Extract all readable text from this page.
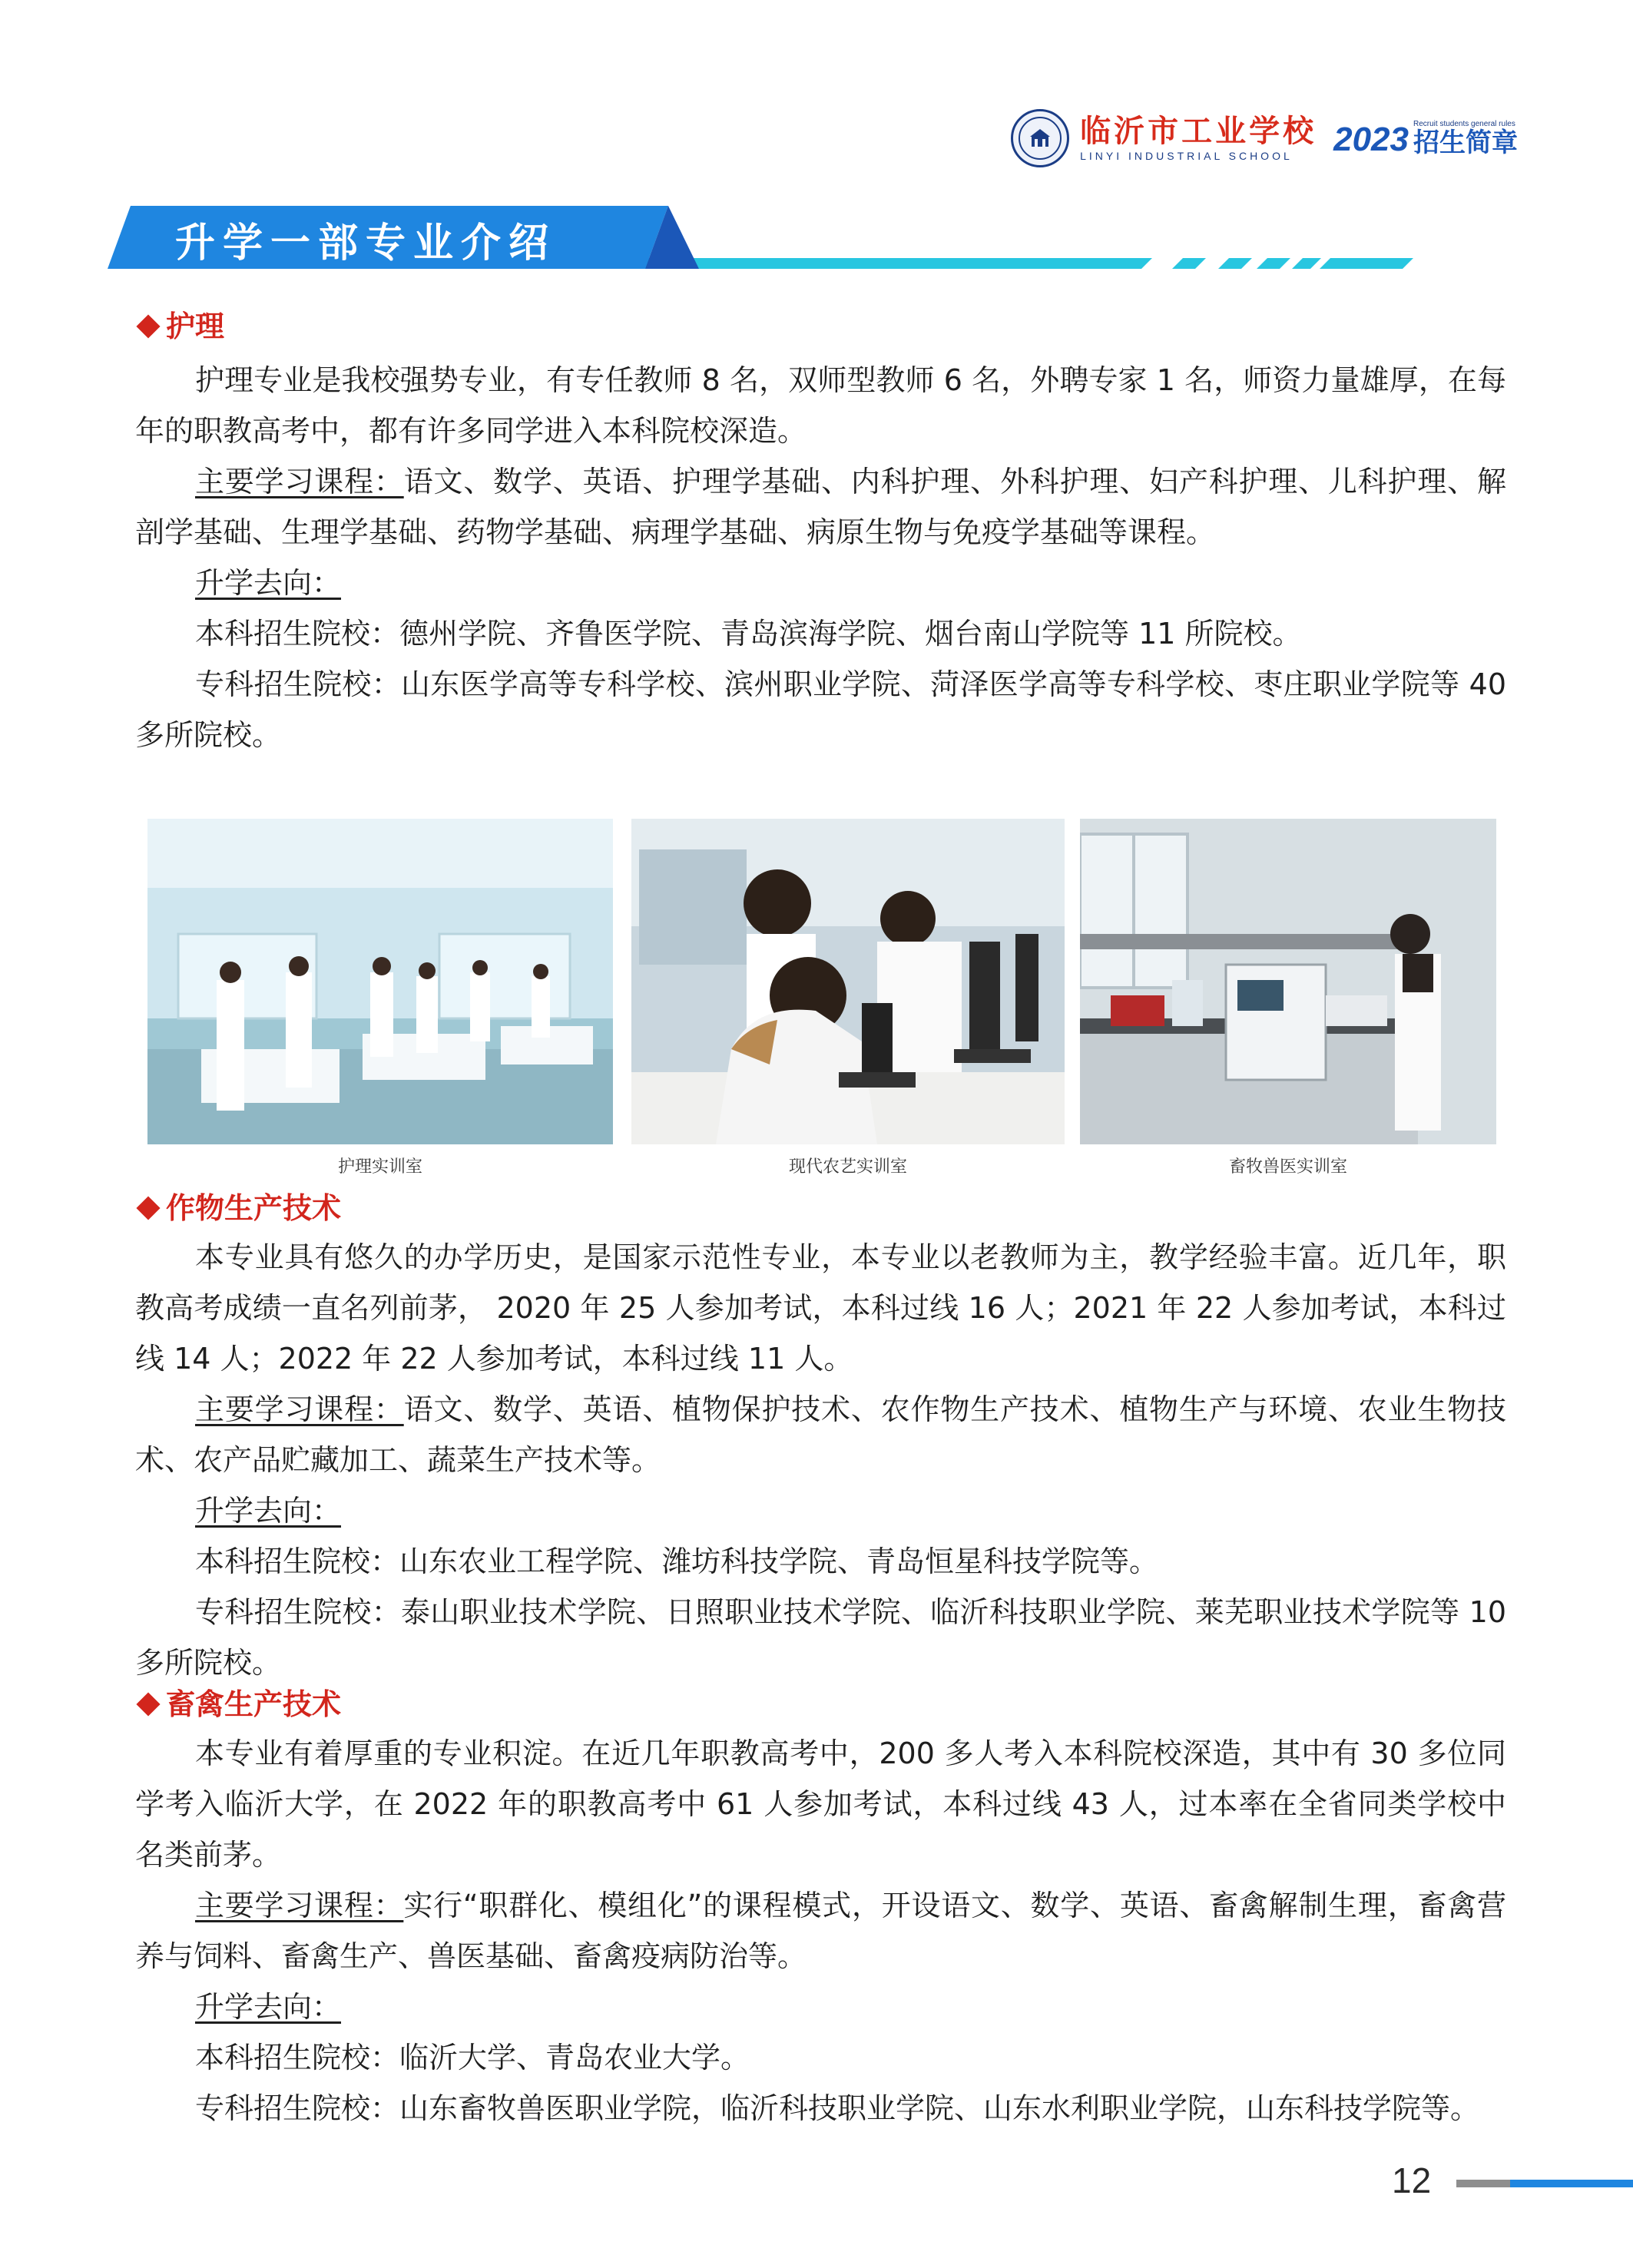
临沂市工业学校
LINYI INDUSTRIAL SCHOOL 2023 Recruit students general rules
招生简章
升学一部专业介绍
护理

护理专业是我校强势专业，有专任教师 8 名，双师型教师 6 名，外聘专家 1 名，师资力量雄厚，在每年的职教高考中，都有许多同学进入本科院校深造。

主要学习课程：语文、数学、英语、护理学基础、内科护理、外科护理、妇产科护理、儿科护理、解剖学基础、生理学基础、药物学基础、病理学基础、病原生物与免疫学基础等课程。

升学去向：

本科招生院校：德州学院、齐鲁医学院、青岛滨海学院、烟台南山学院等 11 所院校。

专科招生院校：山东医学高等专科学校、滨州职业学院、菏泽医学高等专科学校、枣庄职业学院等 40 多所院校。

护理实训室	现代农艺实训室	畜牧兽医实训室
作物生产技术

本专业具有悠久的办学历史，是国家示范性专业，本专业以老教师为主，教学经验丰富。近几年，职教高考成绩一直名列前茅， 2020 年 25 人参加考试，本科过线 16 人；2021 年 22 人参加考试，本科过线 14 人；2022 年 22 人参加考试，本科过线 11 人。

主要学习课程：语文、数学、英语、植物保护技术、农作物生产技术、植物生产与环境、农业生物技术、农产品贮藏加工、蔬菜生产技术等。

升学去向：

本科招生院校：山东农业工程学院、潍坊科技学院、青岛恒星科技学院等。

专科招生院校：泰山职业技术学院、日照职业技术学院、临沂科技职业学院、莱芜职业技术学院等 10 多所院校。

畜禽生产技术

本专业有着厚重的专业积淀。在近几年职教高考中，200 多人考入本科院校深造，其中有 30 多位同学考入临沂大学，在 2022 年的职教高考中 61 人参加考试，本科过线 43 人，过本率在全省同类学校中名类前茅。

主要学习课程：实行“职群化、模组化”的课程模式，开设语文、数学、英语、畜禽解制生理，畜禽营养与饲料、畜禽生产、兽医基础、畜禽疫病防治等。

升学去向：

本科招生院校：临沂大学、青岛农业大学。

专科招生院校：山东畜牧兽医职业学院，临沂科技职业学院、山东水利职业学院，山东科技学院等。

12
